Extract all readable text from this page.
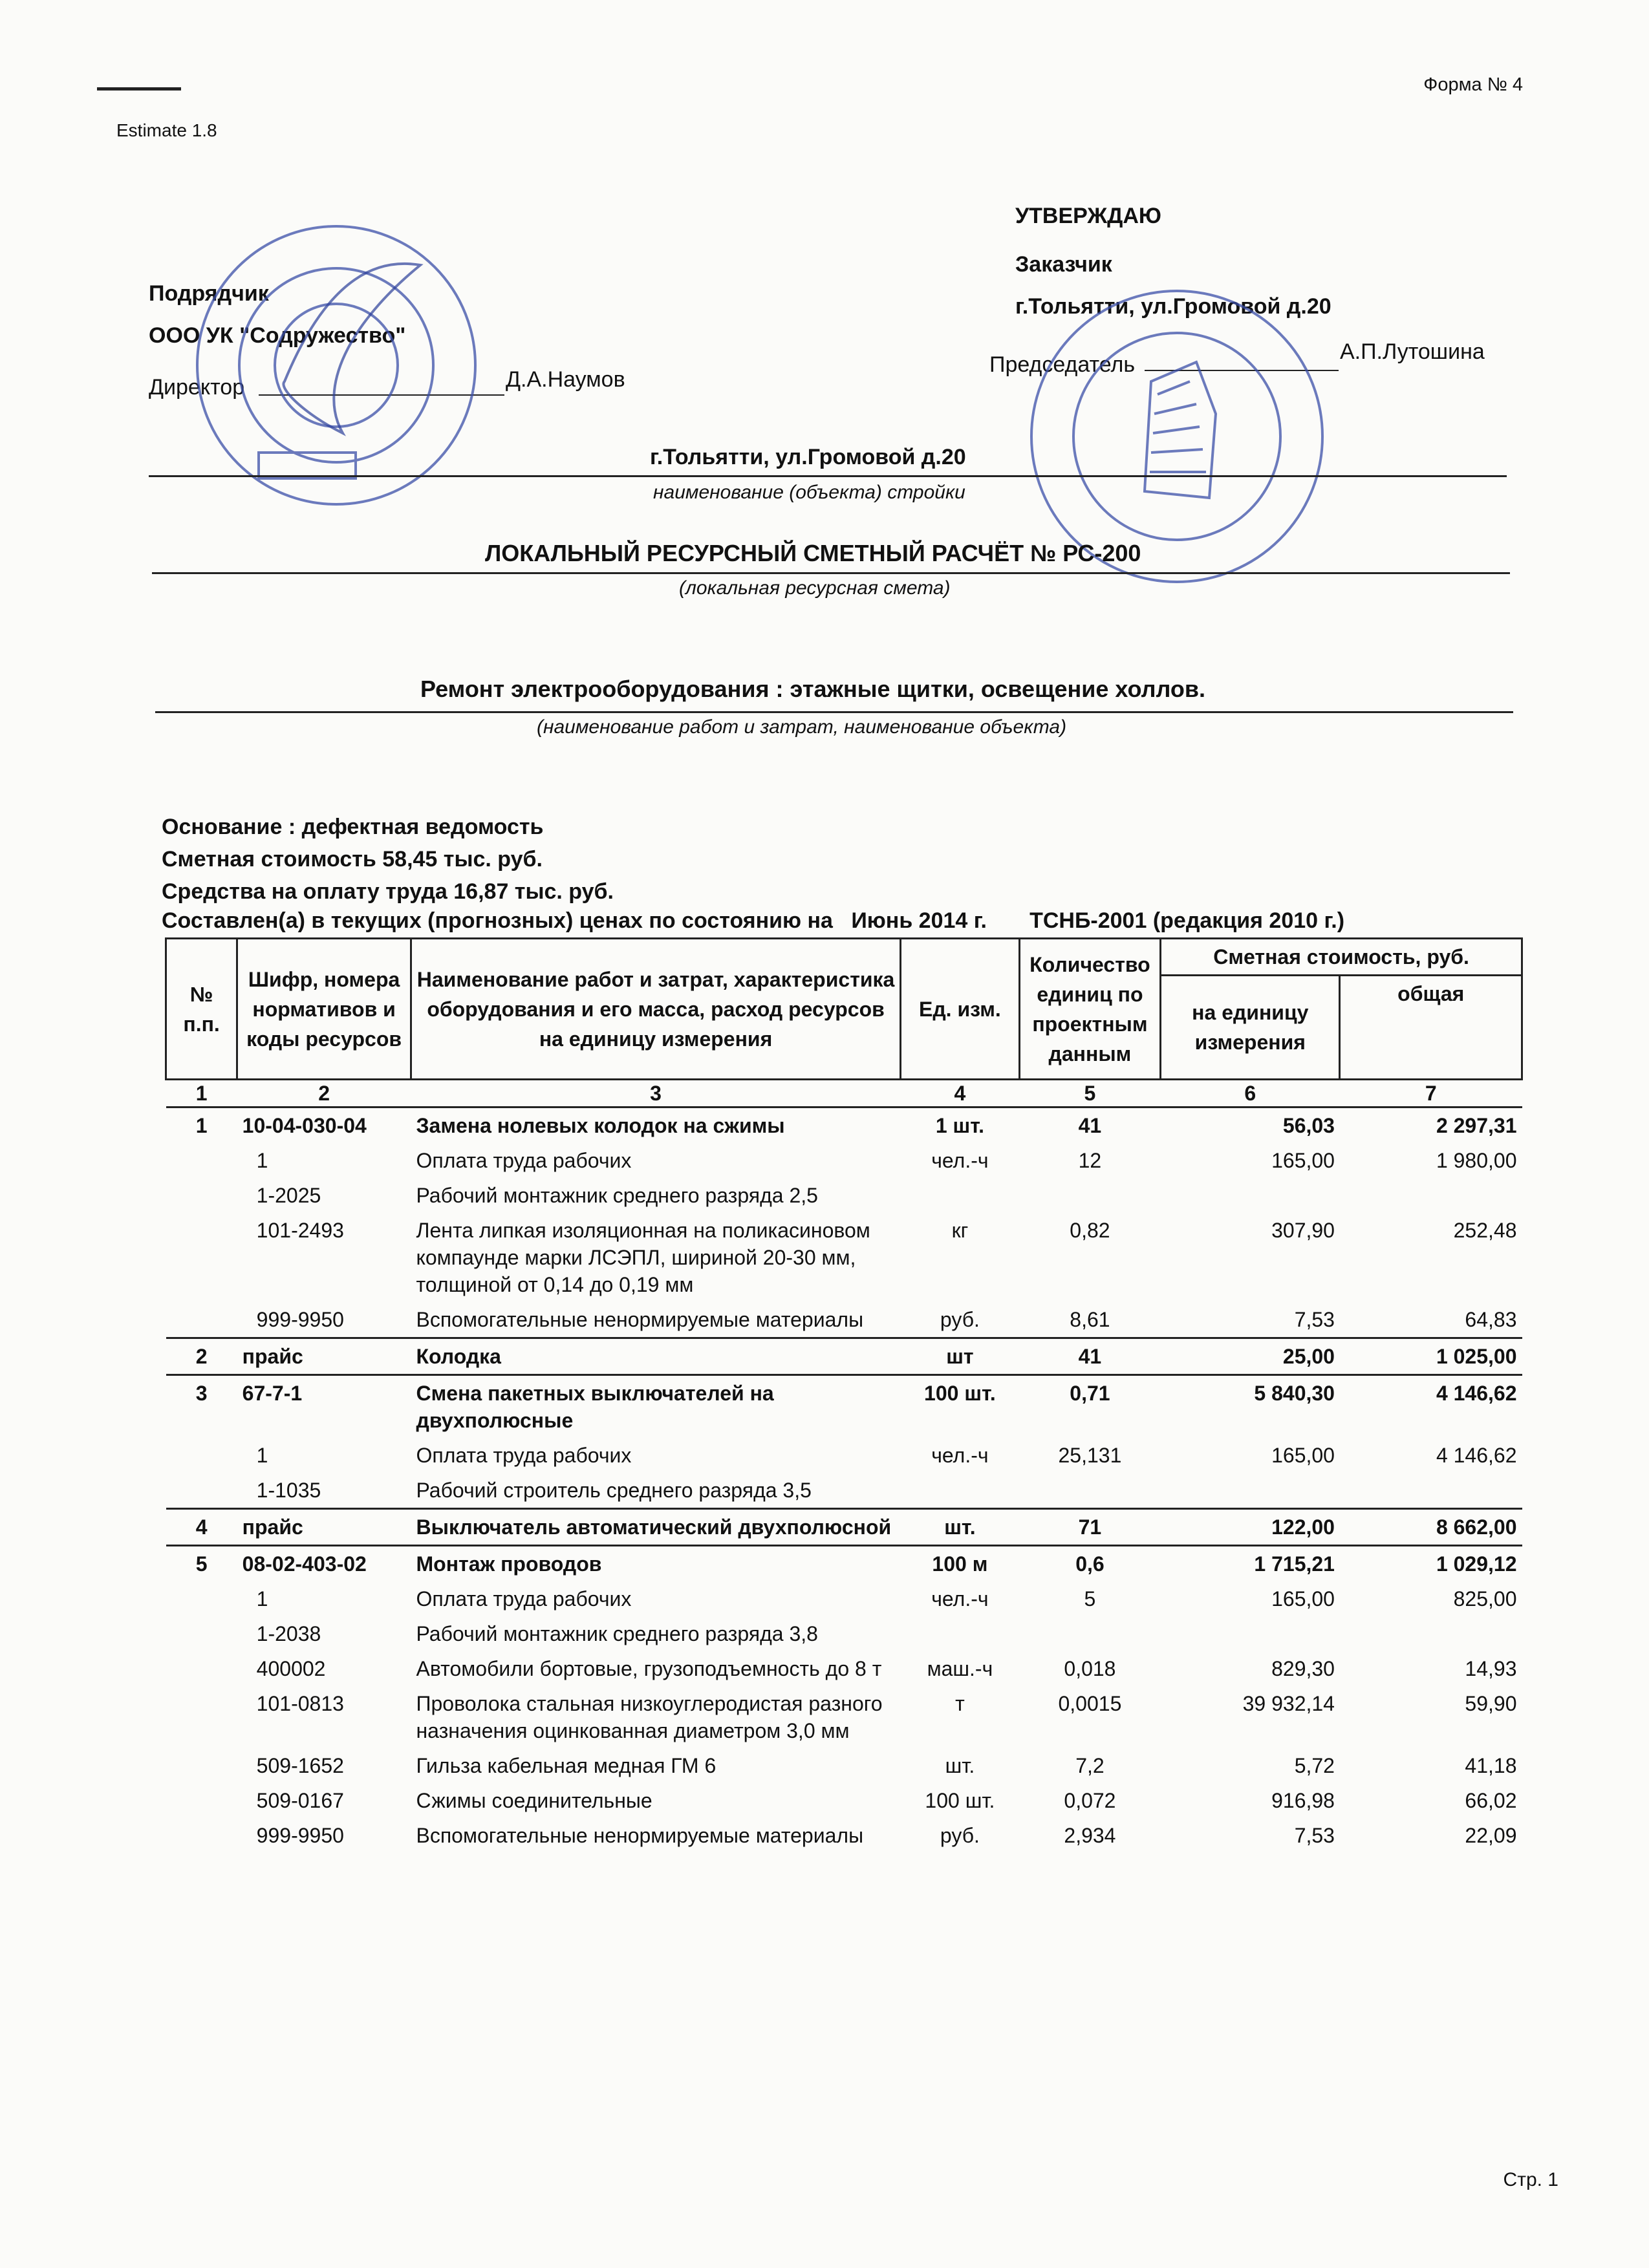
Форма № 4
Estimate 1.8
Подрядчик
ООО УК "Содружество"
Директор	Д.А.Наумов
УТВЕРЖДАЮ
Заказчик
г.Тольятти, ул.Громовой д.20
Председатель
А.П.Лутошина
г.Тольятти, ул.Громовой д.20
наименование (объекта) стройки
ЛОКАЛЬНЫЙ РЕСУРСНЫЙ СМЕТНЫЙ РАСЧЁТ № РС-200
(локальная ресурсная смета)
Ремонт электрооборудования : этажные щитки, освещение холлов.
(наименование работ и затрат, наименование объекта)
Основание : дефектная ведомость
Сметная стоимость 58,45 тыс. руб.
Средства на оплату труда 16,87 тыс. руб.
Составлен(а) в текущих (прогнозных) ценах по состоянию на Июнь 2014 г. ТСНБ-2001 (редакция 2010 г.)
№ п.п.	Шифр, номера нормативов и коды ресурсов	Наименование работ и затрат, характеристика оборудования и его масса, расход ресурсов на единицу измерения	Ед. изм.	Количество единиц по проектным данным	Сметная стоимость, руб.	
					на единицу измерения	общая
1	2	3	4	5	6	7
1	10-04-030-04	Замена нолевых колодок на сжимы	1 шт.	41	56,03	2 297,31
	1	Оплата труда рабочих	чел.-ч	12	165,00	1 980,00
	1-2025	Рабочий монтажник среднего разряда 2,5				
	101-2493	Лента липкая изоляционная на поликасиновом компаунде марки ЛСЭПЛ, шириной 20-30 мм, толщиной от 0,14 до 0,19 мм	кг	0,82	307,90	252,48
	999-9950	Вспомогательные ненормируемые материалы	руб.	8,61	7,53	64,83
2	прайс	Колодка	шт	41	25,00	1 025,00
3	67-7-1	Смена пакетных выключателей на двухполюсные	100 шт.	0,71	5 840,30	4 146,62
	1	Оплата труда рабочих	чел.-ч	25,131	165,00	4 146,62
	1-1035	Рабочий строитель среднего разряда 3,5				
4	прайс	Выключатель автоматический двухполюсной	шт.	71	122,00	8 662,00
5	08-02-403-02	Монтаж проводов	100 м	0,6	1 715,21	1 029,12
	1	Оплата труда рабочих	чел.-ч	5	165,00	825,00
	1-2038	Рабочий монтажник среднего разряда 3,8				
	400002	Автомобили бортовые, грузоподъемность до 8 т	маш.-ч	0,018	829,30	14,93
	101-0813	Проволока стальная низкоуглеродистая разного назначения оцинкованная диаметром 3,0 мм	т	0,0015	39 932,14	59,90
	509-1652	Гильза кабельная медная ГМ 6	шт.	7,2	5,72	41,18
	509-0167	Сжимы соединительные	100 шт.	0,072	916,98	66,02
	999-9950	Вспомогательные ненормируемые материалы	руб.	2,934	7,53	22,09
Стр. 1
